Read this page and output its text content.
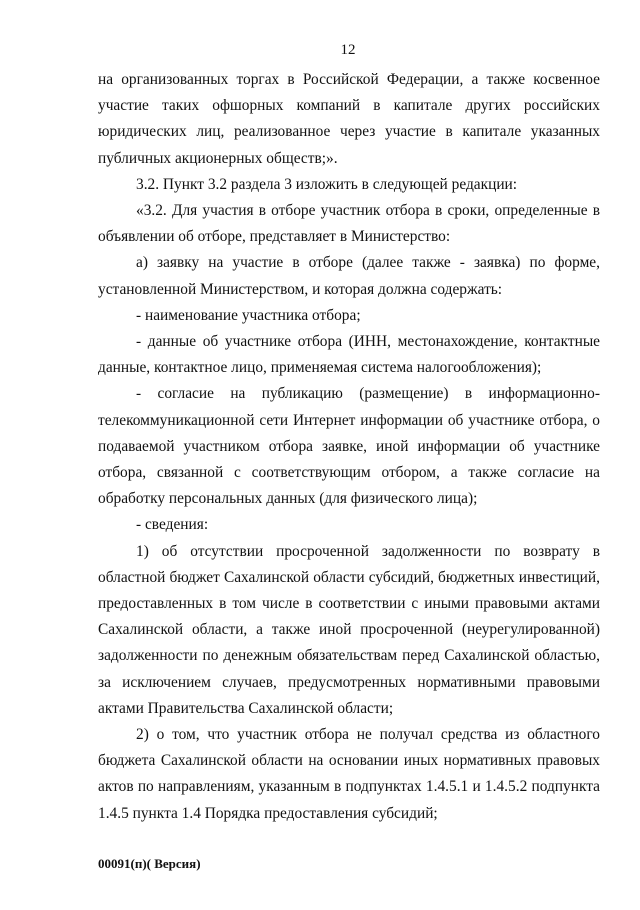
12

на организованных торгах в Российской Федерации, а также косвенное участие таких офшорных компаний в капитале других российских юридических лиц, реализованное через участие в капитале указанных публичных акционерных обществ;».

3.2. Пункт 3.2 раздела 3 изложить в следующей редакции:

«3.2. Для участия в отборе участник отбора в сроки, определенные в объявлении об отборе, представляет в Министерство:

а) заявку на участие в отборе (далее также - заявка) по форме, установленной Министерством, и которая должна содержать:

- наименование участника отбора;

- данные об участнике отбора (ИНН, местонахождение, контактные данные, контактное лицо, применяемая система налогообложения);

- согласие на публикацию (размещение) в информационно-телекоммуникационной сети Интернет информации об участнике отбора, о подаваемой участником отбора заявке, иной информации об участнике отбора, связанной с соответствующим отбором, а также согласие на обработку персональных данных (для физического лица);

- сведения:

1) об отсутствии просроченной задолженности по возврату в областной бюджет Сахалинской области субсидий, бюджетных инвестиций, предоставленных в том числе в соответствии с иными правовыми актами Сахалинской области, а также иной просроченной (неурегулированной) задолженности по денежным обязательствам перед Сахалинской областью, за исключением случаев, предусмотренных нормативными правовыми актами Правительства Сахалинской области;

2) о том, что участник отбора не получал средства из областного бюджета Сахалинской области на основании иных нормативных правовых актов по направлениям, указанным в подпунктах 1.4.5.1 и 1.4.5.2 подпункта 1.4.5 пункта 1.4 Порядка предоставления субсидий;

00091(п)( Версия)
